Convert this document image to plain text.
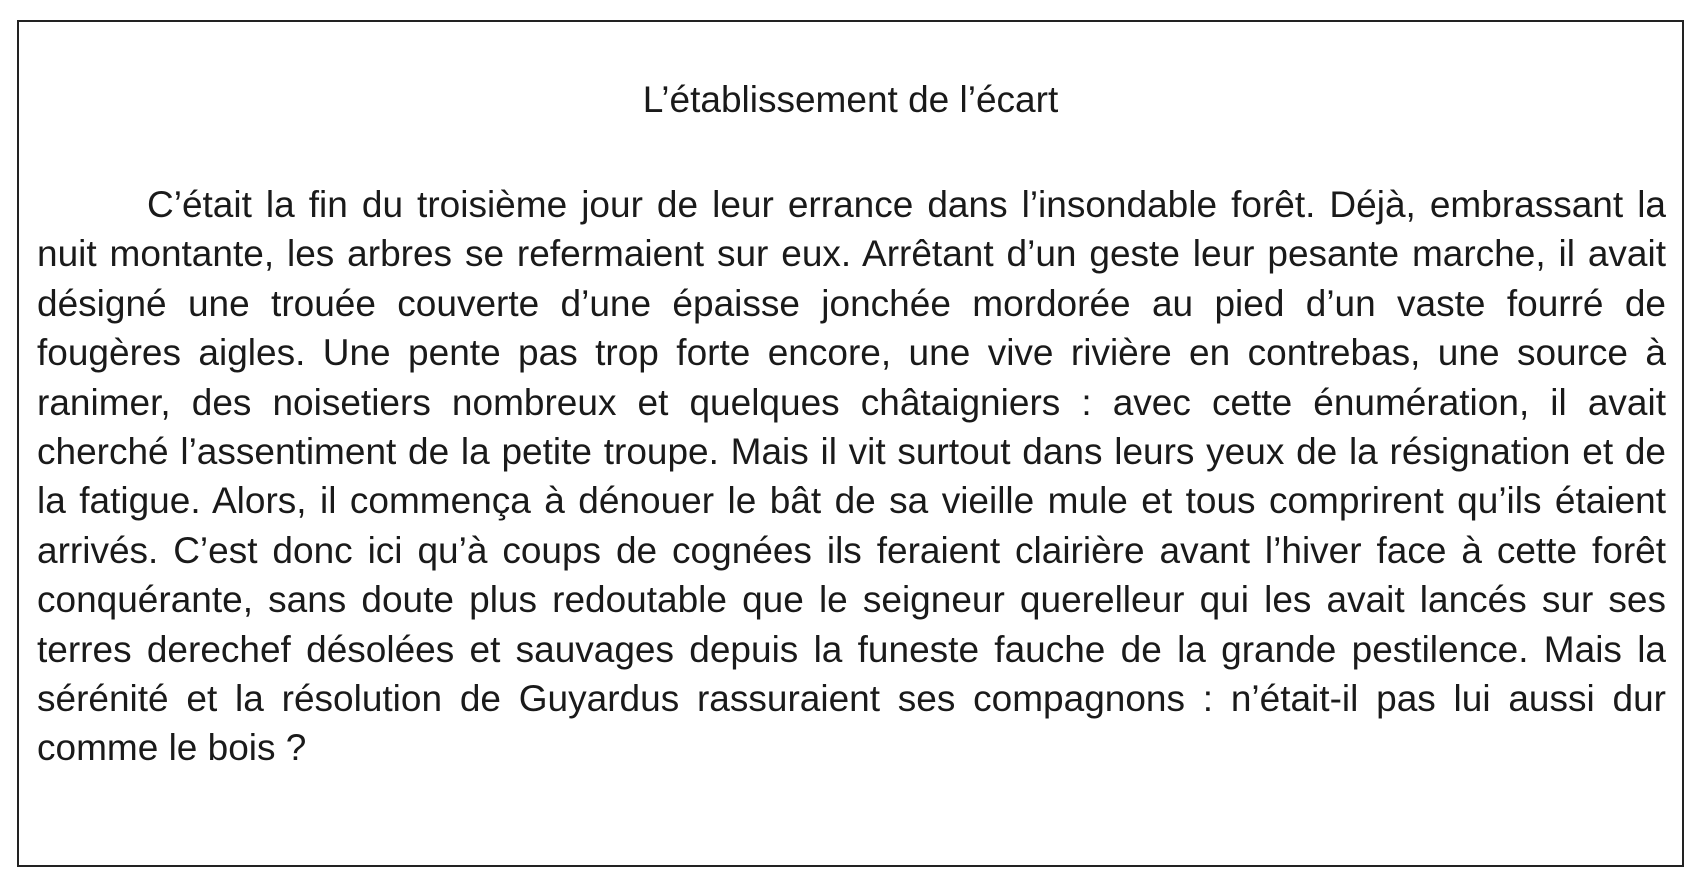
L’établissement de l’écart

C’était la fin du troisième jour de leur errance dans l’insondable forêt. Déjà, embrassant la nuit montante, les arbres se refermaient sur eux. Arrêtant d’un geste leur pesante marche, il avait désigné une trouée couverte d’une épaisse jonchée mordorée au pied d’un vaste fourré de fougères aigles. Une pente pas trop forte encore, une vive rivière en contrebas, une source à ranimer, des noisetiers nombreux et quelques châtaigniers : avec cette énumération, il avait cherché l’assentiment de la petite troupe. Mais il vit surtout dans leurs yeux de la résignation et de la fatigue. Alors, il commença à dénouer le bât de sa vieille mule et tous comprirent qu’ils étaient arrivés. C’est donc ici qu’à coups de cognées ils feraient clairière avant l’hiver face à cette forêt conquérante, sans doute plus redoutable que le seigneur querelleur qui les avait lancés sur ses terres derechef désolées et sauvages depuis la funeste fauche de la grande pestilence. Mais la sérénité et la résolution de Guyardus rassuraient ses compagnons : n’était-il pas lui aussi dur comme le bois ?
